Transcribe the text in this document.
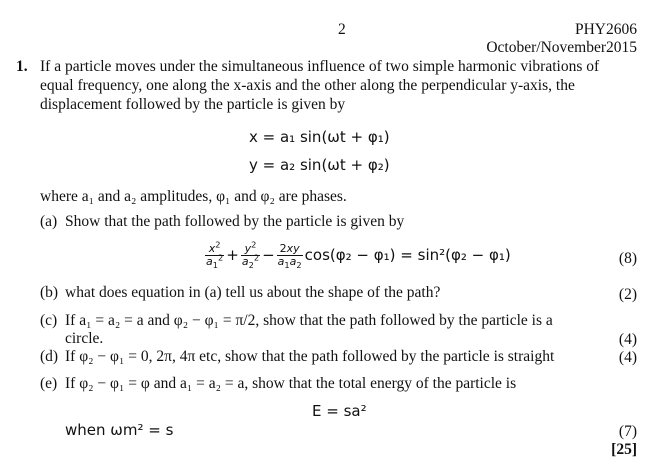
2	PHY2606
October/November2015
1. If a particle moves under the simultaneous influence of two simple harmonic vibrations of
equal frequency, one along the x-axis and the other along the perpendicular y-axis, the
displacement followed by the particle is given by
x = a₁ sin(ωt + φ₁)
y = a₂ sin(ωt + φ₂)
where a₁ and a₂ amplitudes, φ₁ and φ₂ are phases.
(a) Show that the path followed by the particle is given by
$\frac{x^2}{a_1^2} + \frac{y^2}{a_2^2} - \frac{2xy}{a_1a_2} \cos(\varphi_2 - \varphi_1) = \sin^2(\varphi_2 - \varphi_1)$	(8)
(b) what does equation in (a) tell us about the shape of the path?	(2)
(c) If a₁ = a₂ = a and φ₂ − φ₁ = π/2, show that the path followed by the particle is a
circle.	(4)
(d) If φ₂ − φ₁ = 0, 2π, 4π etc, show that the path followed by the particle is straight	(4)
(e) If φ₂ − φ₁ = φ and a₁ = a₂ = a, show that the total energy of the particle is
E = sa²
when ωm² = s	(7)
[25]
